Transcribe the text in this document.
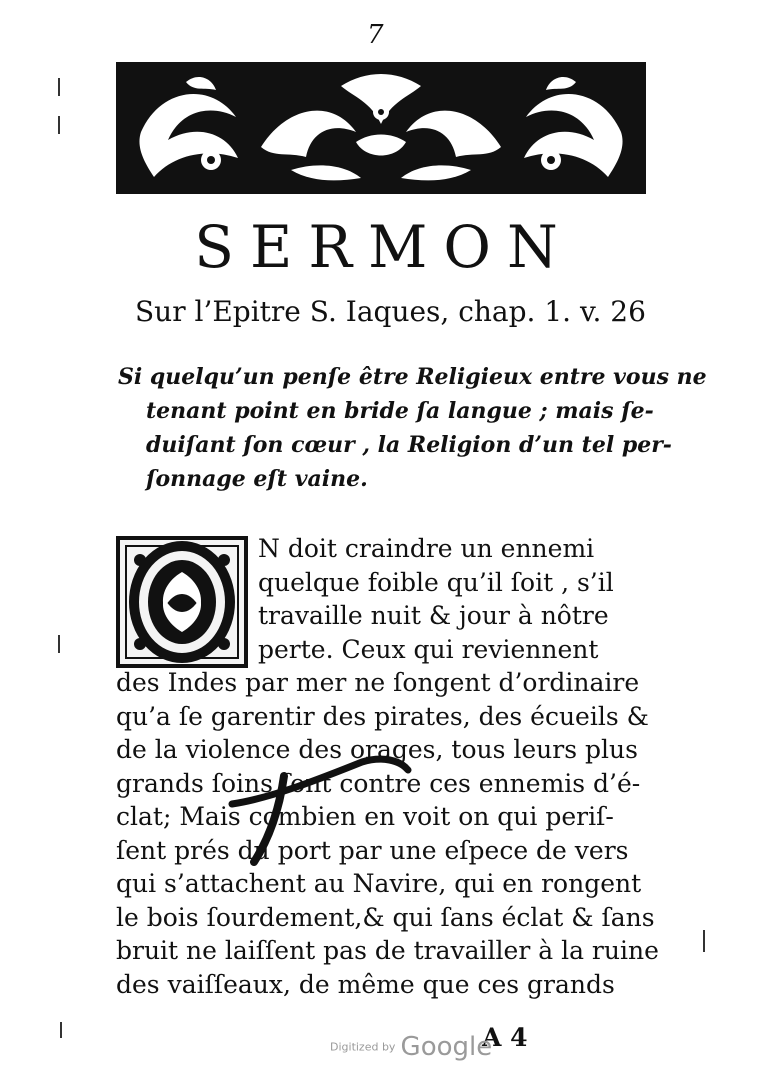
7
SERMON
Sur l’Epitre S. Iaques, chap. 1. v. 26
Si quelqu’un penſe être Religieux entre vous ne
tenant point en bride ſa langue ; mais ſe-
duiſant ſon cœur , la Religion d’un tel per-
ſonnage eſt vaine.
N doit craindre un ennemi
quelque foible qu’il ſoit , s’il
travaille nuit & jour à nôtre
perte. Ceux qui reviennent
des Indes par mer ne ſongent d’ordinaire
qu’a ſe garentir des pirates, des écueils &
de la violence des orages, tous leurs plus
grands ſoins ſont contre ces ennemis d’é-
clat; Mais combien en voit on qui periſ-
ſent prés du port par une eſpece de vers
qui s’attachent au Navire, qui en rongent
le bois ſourdement,& qui ſans éclat & ſans
bruit ne laiſſent pas de travailler à la ruine
des vaiſſeaux, de même que ces grands
A 4
Digitized by Google
